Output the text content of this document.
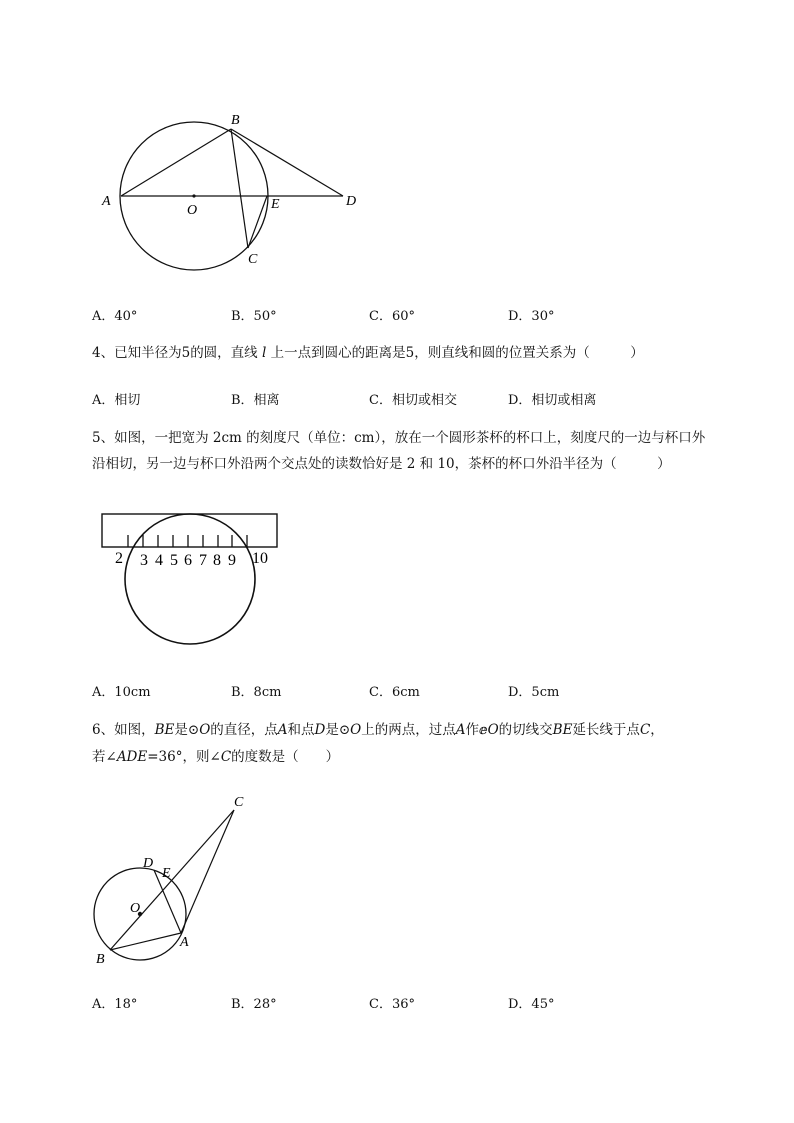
A
B
O	E	D
C
A．40°	B．50°	C．60°	D．30°
4、已知半径为5的圆，直线 l 上一点到圆心的距离是5，则直线和圆的位置关系为（　　　）
A．相切	B．相离	C．相切或相交	D．相切或相离
5、如图，一把宽为 2cm 的刻度尺（单位：cm），放在一个圆形茶杯的杯口上，刻度尺的一边与杯口外
沿相切，另一边与杯口外沿两个交点处的读数恰好是 2 和 10，茶杯的杯口外沿半径为（　　　）
2 3 4 5 6 7 8 9 10
A．10cm	B．8cm	C．6cm	D．5cm
6、如图，BE是⊙O的直径，点A和点D是⊙O上的两点，过点A作ⅇO的切线交BE延长线于点C，
若∠ADE=36°，则∠C的度数是（　　）
C
D
E
O
A
B
A．18°	B．28°	C．36°	D．45°
